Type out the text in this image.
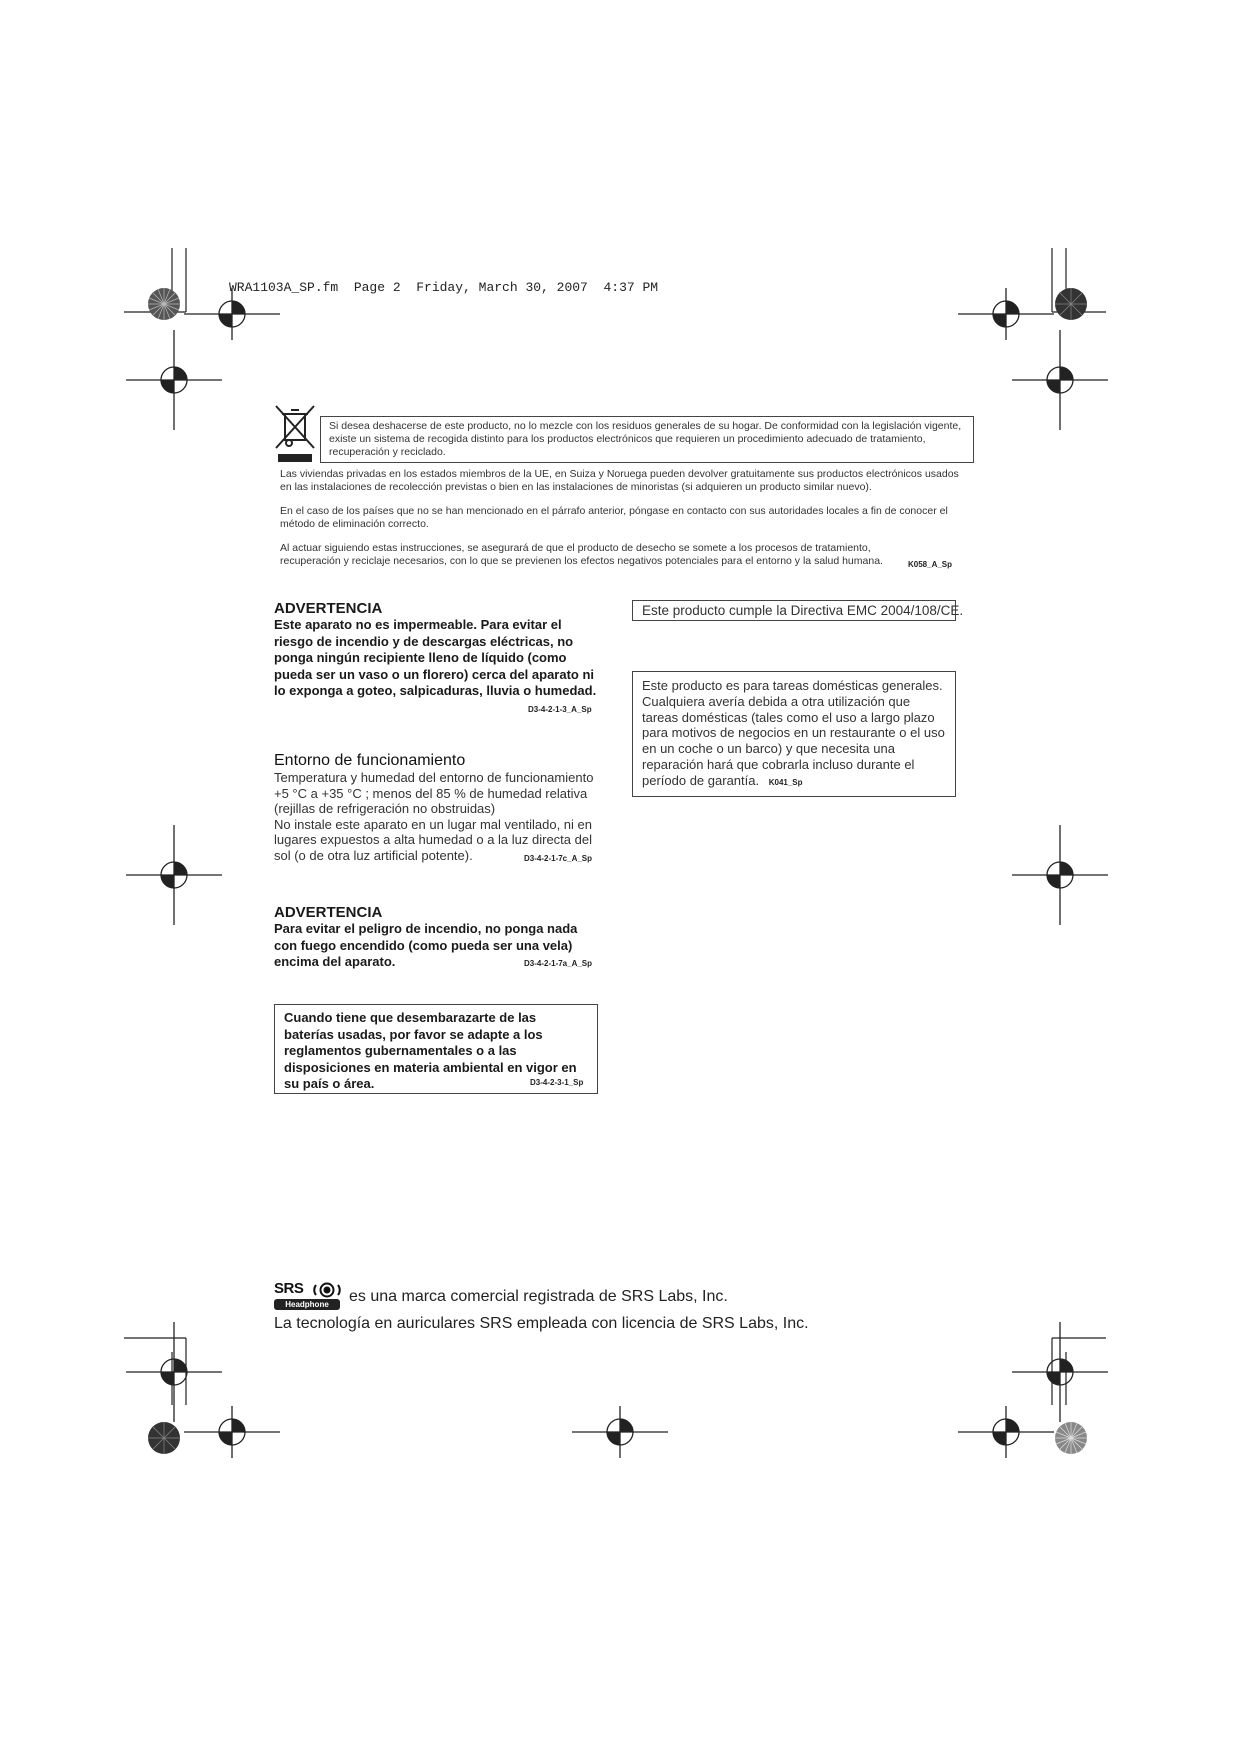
WRA1103A_SP.fm  Page 2  Friday, March 30, 2007  4:37 PM
Si desea deshacerse de este producto, no lo mezcle con los residuos generales de su hogar. De conformidad con la legislación vigente, existe un sistema de recogida distinto para los productos electrónicos que requieren un procedimiento adecuado de tratamiento, recuperación y reciclado.

Las viviendas privadas en los estados miembros de la UE, en Suiza y Noruega pueden devolver gratuitamente sus productos electrónicos usados en las instalaciones de recolección previstas o bien en las instalaciones de minoristas (si adquieren un producto similar nuevo).

En el caso de los países que no se han mencionado en el párrafo anterior, póngase en contacto con sus autoridades locales a fin de conocer el método de eliminación correcto.

Al actuar siguiendo estas instrucciones, se asegurará de que el producto de desecho se somete a los procesos de tratamiento, recuperación y reciclaje necesarios, con lo que se previenen los efectos negativos potenciales para el entorno y la salud humana.	K058_A_Sp

ADVERTENCIA

Este aparato no es impermeable. Para evitar el riesgo de incendio y de descargas eléctricas, no ponga ningún recipiente lleno de líquido (como pueda ser un vaso o un florero) cerca del aparato ni lo exponga a goteo, salpicaduras, lluvia o humedad.

D3-4-2-1-3_A_Sp

Entorno de funcionamiento

Temperatura y humedad del entorno de funcionamiento

+5 °C a +35 °C ; menos del 85 % de humedad relativa

(rejillas de refrigeración no obstruidas)

No instale este aparato en un lugar mal ventilado, ni en lugares expuestos a alta humedad o a la luz directa del sol (o de otra luz artificial potente).	D3-4-2-1-7c_A_Sp

ADVERTENCIA

Para evitar el peligro de incendio, no ponga nada con fuego encendido (como pueda ser una vela) encima del aparato.	D3-4-2-1-7a_A_Sp
Cuando tiene que desembarazarte de las baterías usadas, por favor se adapte a los reglamentos gubernamentales o a las disposiciones en materia ambiental en vigor en su país o área.	D3-4-2-3-1_Sp
Este producto cumple la Directiva EMC 2004/108/CE.
Este producto es para tareas domésticas generales. Cualquiera avería debida a otra utilización que tareas domésticas (tales como el uso a largo plazo para motivos de negocios en un restaurante o el uso en un coche o un barco) y que necesita una reparación hará que cobrarla incluso durante el período de garantía. K041_Sp
SRS
Headphone	es una marca comercial registrada de SRS Labs, Inc.
La tecnología en auriculares SRS empleada con licencia de SRS Labs, Inc.
